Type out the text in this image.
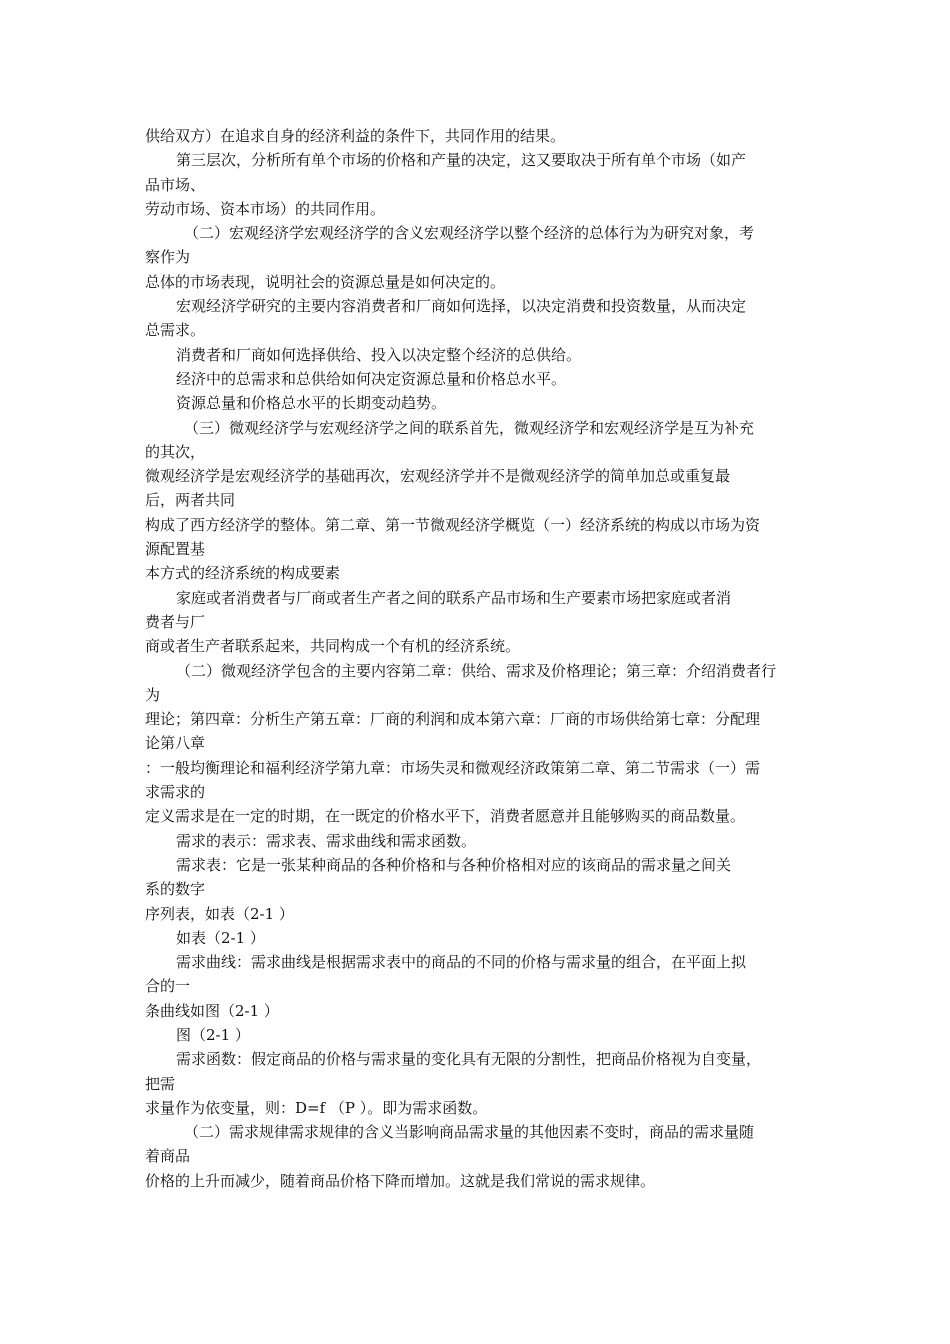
供给双方）在追求自身的经济利益的条件下，共同作用的结果。
第三层次，分析所有单个市场的价格和产量的决定，这又要取决于所有单个市场（如产
品市场、
劳动市场、资本市场）的共同作用。
（二）宏观经济学宏观经济学的含义宏观经济学以整个经济的总体行为为研究对象，考
察作为
总体的市场表现，说明社会的资源总量是如何决定的。
宏观经济学研究的主要内容消费者和厂商如何选择，以决定消费和投资数量，从而决定
总需求。
消费者和厂商如何选择供给、投入以决定整个经济的总供给。
经济中的总需求和总供给如何决定资源总量和价格总水平。
资源总量和价格总水平的长期变动趋势。
（三）微观经济学与宏观经济学之间的联系首先，微观经济学和宏观经济学是互为补充
的其次，
微观经济学是宏观经济学的基础再次，宏观经济学并不是微观经济学的简单加总或重复最
后，两者共同
构成了西方经济学的整体。第二章、第一节微观经济学概览（一）经济系统的构成以市场为资
源配置基
本方式的经济系统的构成要素
家庭或者消费者与厂商或者生产者之间的联系产品市场和生产要素市场把家庭或者消
费者与厂
商或者生产者联系起来，共同构成一个有机的经济系统。
（二）微观经济学包含的主要内容第二章：供给、需求及价格理论；第三章：介绍消费者行
为
理论；第四章：分析生产第五章：厂商的利润和成本第六章：厂商的市场供给第七章：分配理
论第八章
：一般均衡理论和福利经济学第九章：市场失灵和微观经济政策第二章、第二节需求（一）需
求需求的
定义需求是在一定的时期，在一既定的价格水平下，消费者愿意并且能够购买的商品数量。
需求的表示：需求表、需求曲线和需求函数。
需求表：它是一张某种商品的各种价格和与各种价格相对应的该商品的需求量之间关
系的数字
序列表，如表（2-1 ）
如表（2-1 ）
需求曲线：需求曲线是根据需求表中的商品的不同的价格与需求量的组合，在平面上拟
合的一
条曲线如图（2-1 ）
图（2-1 ）
需求函数：假定商品的价格与需求量的变化具有无限的分割性，把商品价格视为自变量，
把需
求量作为依变量，则：D=f （P ）。即为需求函数。
（二）需求规律需求规律的含义当影响商品需求量的其他因素不变时，商品的需求量随
着商品
价格的上升而减少，随着商品价格下降而增加。这就是我们常说的需求规律。
